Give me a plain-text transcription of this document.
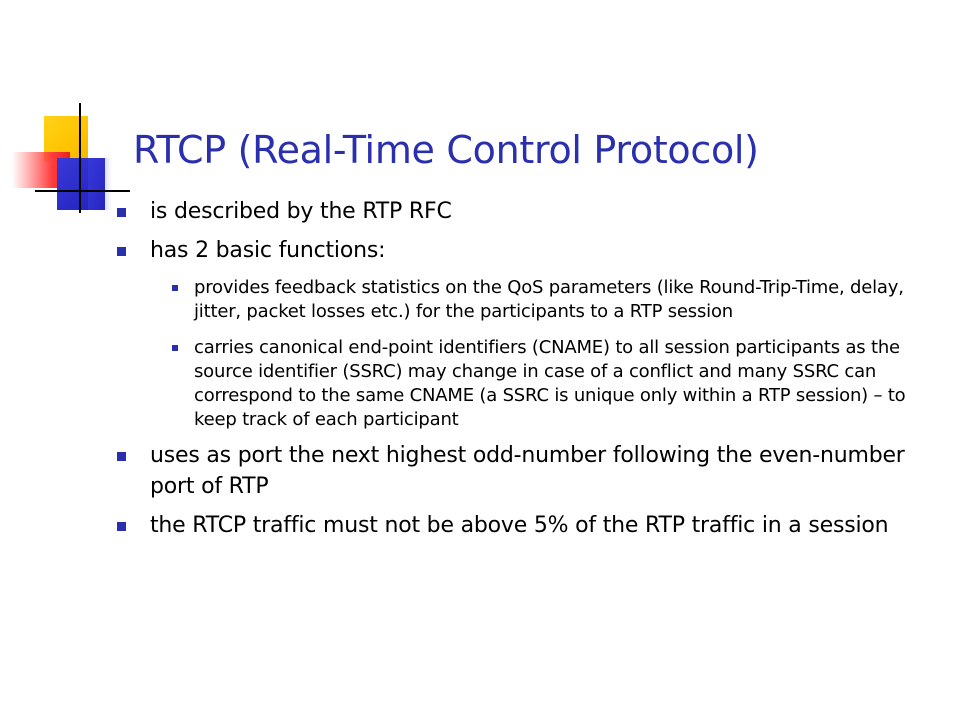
RTCP (Real-Time Control Protocol)
is described by the RTP RFC
has 2 basic functions:
provides feedback statistics on the QoS parameters (like Round-Trip-Time, delay, jitter, packet losses etc.) for the participants to a RTP session
carries canonical end-point identifiers (CNAME) to all session participants as the source identifier (SSRC) may change in case of a conflict and many SSRC can correspond to the same CNAME (a SSRC is unique only within a RTP session) – to keep track of each participant
uses as port the next highest odd-number following the even-number port of RTP
the RTCP traffic must not be above 5% of the RTP traffic in a session
